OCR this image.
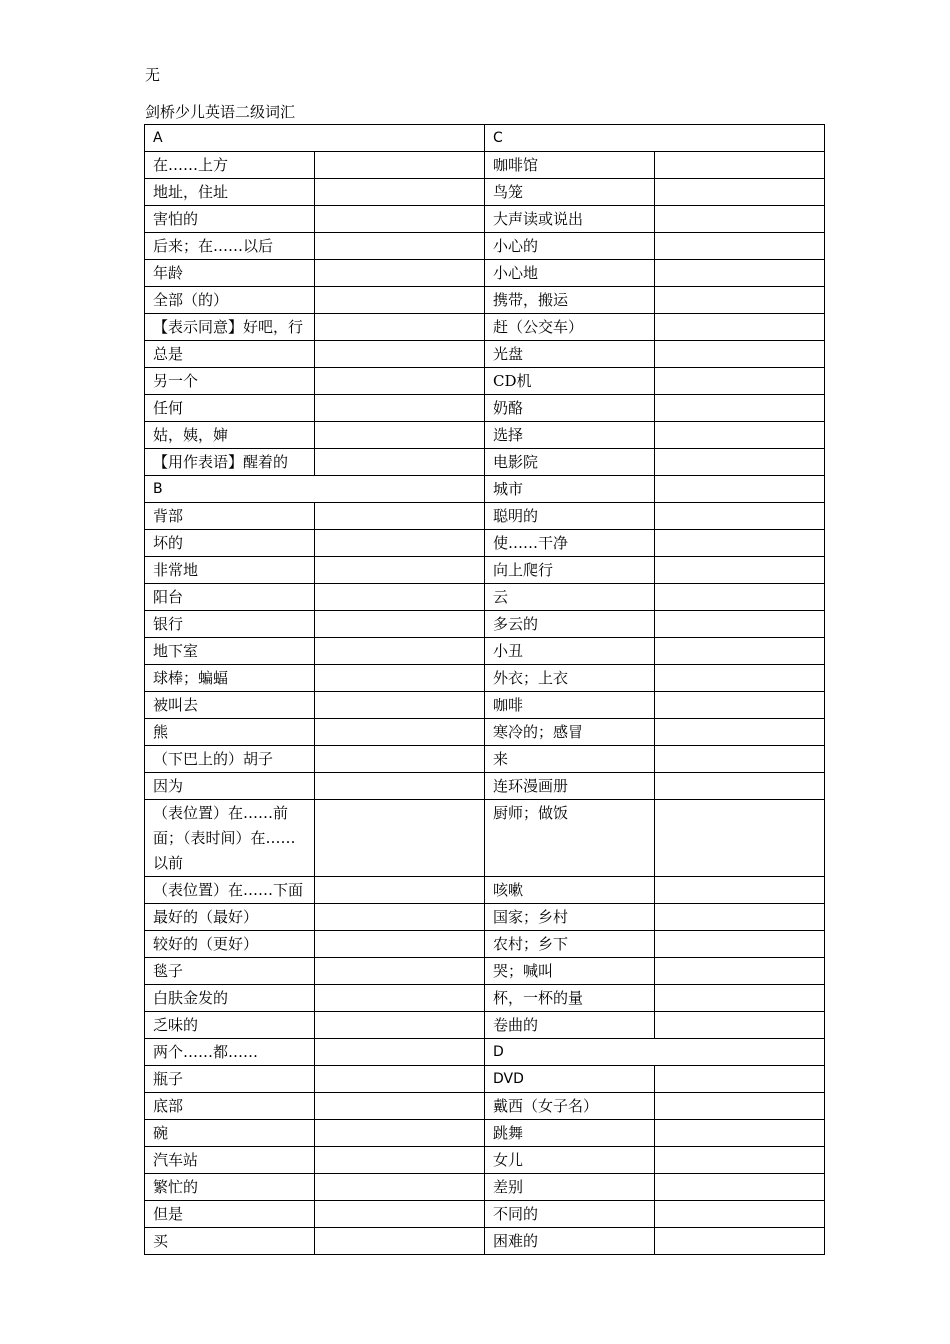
无
剑桥少儿英语二级词汇
A		C	
在……上方		咖啡馆	
地址，住址		鸟笼	
害怕的		大声读或说出	
后来；在……以后		小心的	
年龄		小心地	
全部（的）		携带，搬运	
【表示同意】好吧，行		赶（公交车）	
总是		光盘	
另一个		CD机	
任何		奶酪	
姑，姨，婶		选择	
【用作表语】醒着的		电影院	
B		城市	
背部		聪明的	
坏的		使……干净	
非常地		向上爬行	
阳台		云	
银行		多云的	
地下室		小丑	
球棒；蝙蝠		外衣；上衣	
被叫去		咖啡	
熊		寒冷的；感冒	
（下巴上的）胡子		来	
因为		连环漫画册	
（表位置）在……前面；（表时间）在……以前		厨师；做饭	
（表位置）在……下面		咳嗽	
最好的（最好）		国家；乡村	
较好的（更好）		农村；乡下	
毯子		哭；喊叫	
白肤金发的		杯，一杯的量	
乏味的		卷曲的	
两个……都……		D	
瓶子		DVD	
底部		戴西（女子名）	
碗		跳舞	
汽车站		女儿	
繁忙的		差别	
但是		不同的	
买		困难的	
